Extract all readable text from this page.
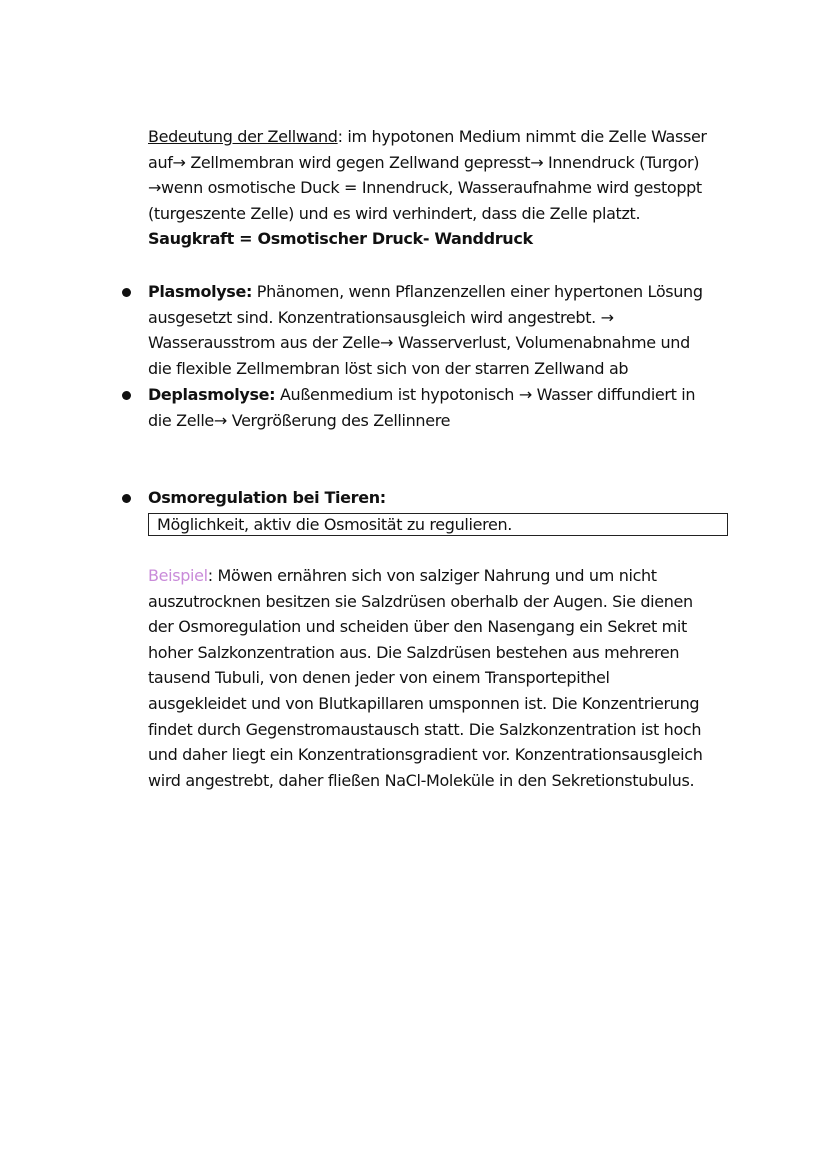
Bedeutung der Zellwand: im hypotonen Medium nimmt die Zelle Wasser
auf→ Zellmembran wird gegen Zellwand gepresst→ Innendruck (Turgor)
→wenn osmotische Duck = Innendruck, Wasseraufnahme wird gestoppt
(turgeszente Zelle) und es wird verhindert, dass die Zelle platzt.
Saugkraft = Osmotischer Druck- Wanddruck
Plasmolyse: Phänomen, wenn Pflanzenzellen einer hypertonen Lösung
ausgesetzt sind. Konzentrationsausgleich wird angestrebt. →
Wasserausstrom aus der Zelle→ Wasserverlust, Volumenabnahme und
die flexible Zellmembran löst sich von der starren Zellwand ab
Deplasmolyse: Außenmedium ist hypotonisch → Wasser diffundiert in
die Zelle→ Vergrößerung des Zellinnere
Osmoregulation bei Tieren:
Möglichkeit, aktiv die Osmosität zu regulieren.
Beispiel: Möwen ernähren sich von salziger Nahrung und um nicht
auszutrocknen besitzen sie Salzdrüsen oberhalb der Augen. Sie dienen
der Osmoregulation und scheiden über den Nasengang ein Sekret mit
hoher Salzkonzentration aus. Die Salzdrüsen bestehen aus mehreren
tausend Tubuli, von denen jeder von einem Transportepithel
ausgekleidet und von Blutkapillaren umsponnen ist. Die Konzentrierung
findet durch Gegenstromaustausch statt. Die Salzkonzentration ist hoch
und daher liegt ein Konzentrationsgradient vor. Konzentrationsausgleich
wird angestrebt, daher fließen NaCl-Moleküle in den Sekretionstubulus.
